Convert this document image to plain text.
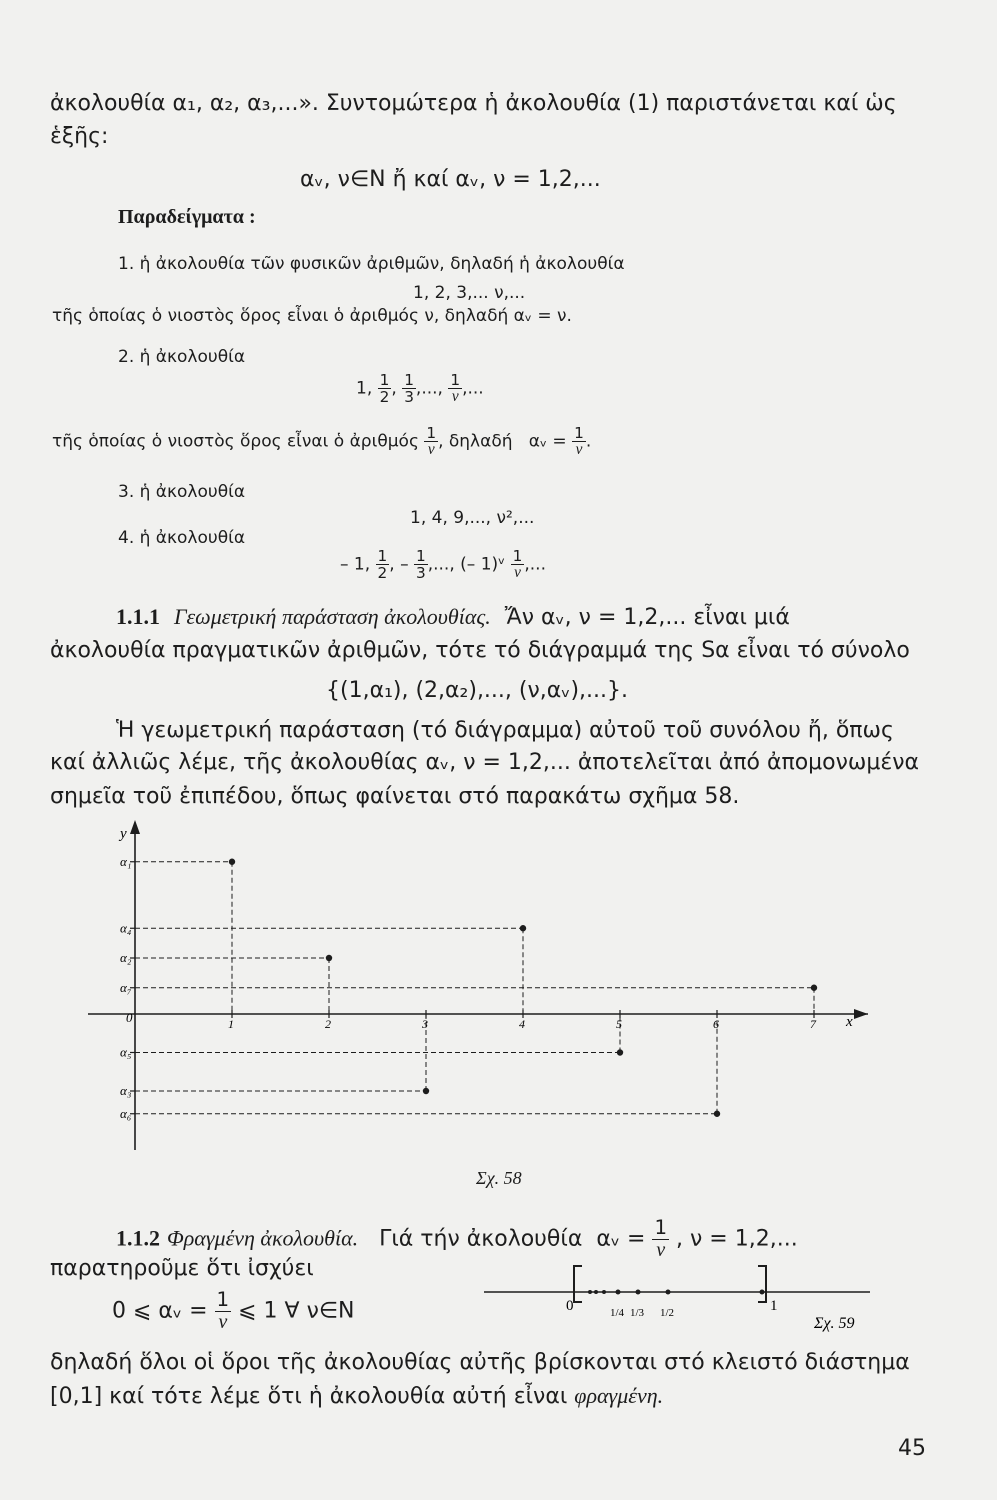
ἀκολουθία α₁, α₂, α₃,...». Συντομώτερα ἡ ἀκολουθία (1) παριστάνεται καί ὡς
ἑξῆς:
αᵥ, ν∈N ἤ καί αᵥ, ν = 1,2,...
Παραδείγματα :
1. ἡ ἀκολουθία τῶν φυσικῶν ἀριθμῶν, δηλαδή ἡ ἀκολουθία
1, 2, 3,... ν,...
τῆς ὁποίας ὁ νιοστὸς ὅρος εἶναι ὁ ἀριθμός ν, δηλαδή αᵥ = ν.
2. ἡ ἀκολουθία
1, $\frac{1}{2}$ , $\frac{1}{3}$ ,..., $\frac{1}{\nu}$ ,...
τῆς ὁποίας ὁ νιοστὸς ὅρος εἶναι ὁ ἀριθμός $\frac{1}{\nu}$ , δηλαδή αᵥ = $\frac{1}{\nu}$ .
3. ἡ ἀκολουθία
1, 4, 9,..., ν²,...
4. ἡ ἀκολουθία
– 1, $\frac{1}{2}$ , – $\frac{1}{3}$ ,..., (– 1)ᵛ $\frac{1}{\nu}$ ,...
1.1.1 Γεωμετρική παράσταση ἀκολουθίας. Ἄν αᵥ, ν = 1,2,... εἶναι μιά
ἀκολουθία πραγματικῶν ἀριθμῶν, τότε τό διάγραμμά της Sα εἶναι τό σύνολο
{(1,α₁), (2,α₂),..., (ν,αᵥ),...}.
Ἡ γεωμετρική παράσταση (τό διάγραμμα) αὐτοῦ τοῦ συνόλου ἤ, ὅπως
καί ἀλλιῶς λέμε, τῆς ἀκολουθίας αᵥ, ν = 1,2,... ἀποτελεῖται ἀπό ἀπομονωμένα
σημεῖα τοῦ ἐπιπέδου, ὅπως φαίνεται στό παρακάτω σχῆμα 58.
y
x
0	1	2	3	4	5	6	7
α₁
α₂
α₃
α₄
α₅
α₆
α₇
Σχ. 58
1.1.2 Φραγμένη ἀκολουθία. Γιά τήν ἀκολουθία αᵥ = $\frac{1}{\nu}$ , ν = 1,2,...
παρατηροῦμε ὅτι ἰσχύει
0 ⩽ αᵥ = $\frac{1}{\nu}$ ⩽ 1 ∀ ν∈N	0	1
1/4 1/3 1/2
Σχ. 59
δηλαδή ὅλοι οἱ ὅροι τῆς ἀκολουθίας αὐτῆς βρίσκονται στό κλειστό διάστημα
[0,1] καί τότε λέμε ὅτι ἡ ἀκολουθία αὐτή εἶναι φραγμένη.
45
